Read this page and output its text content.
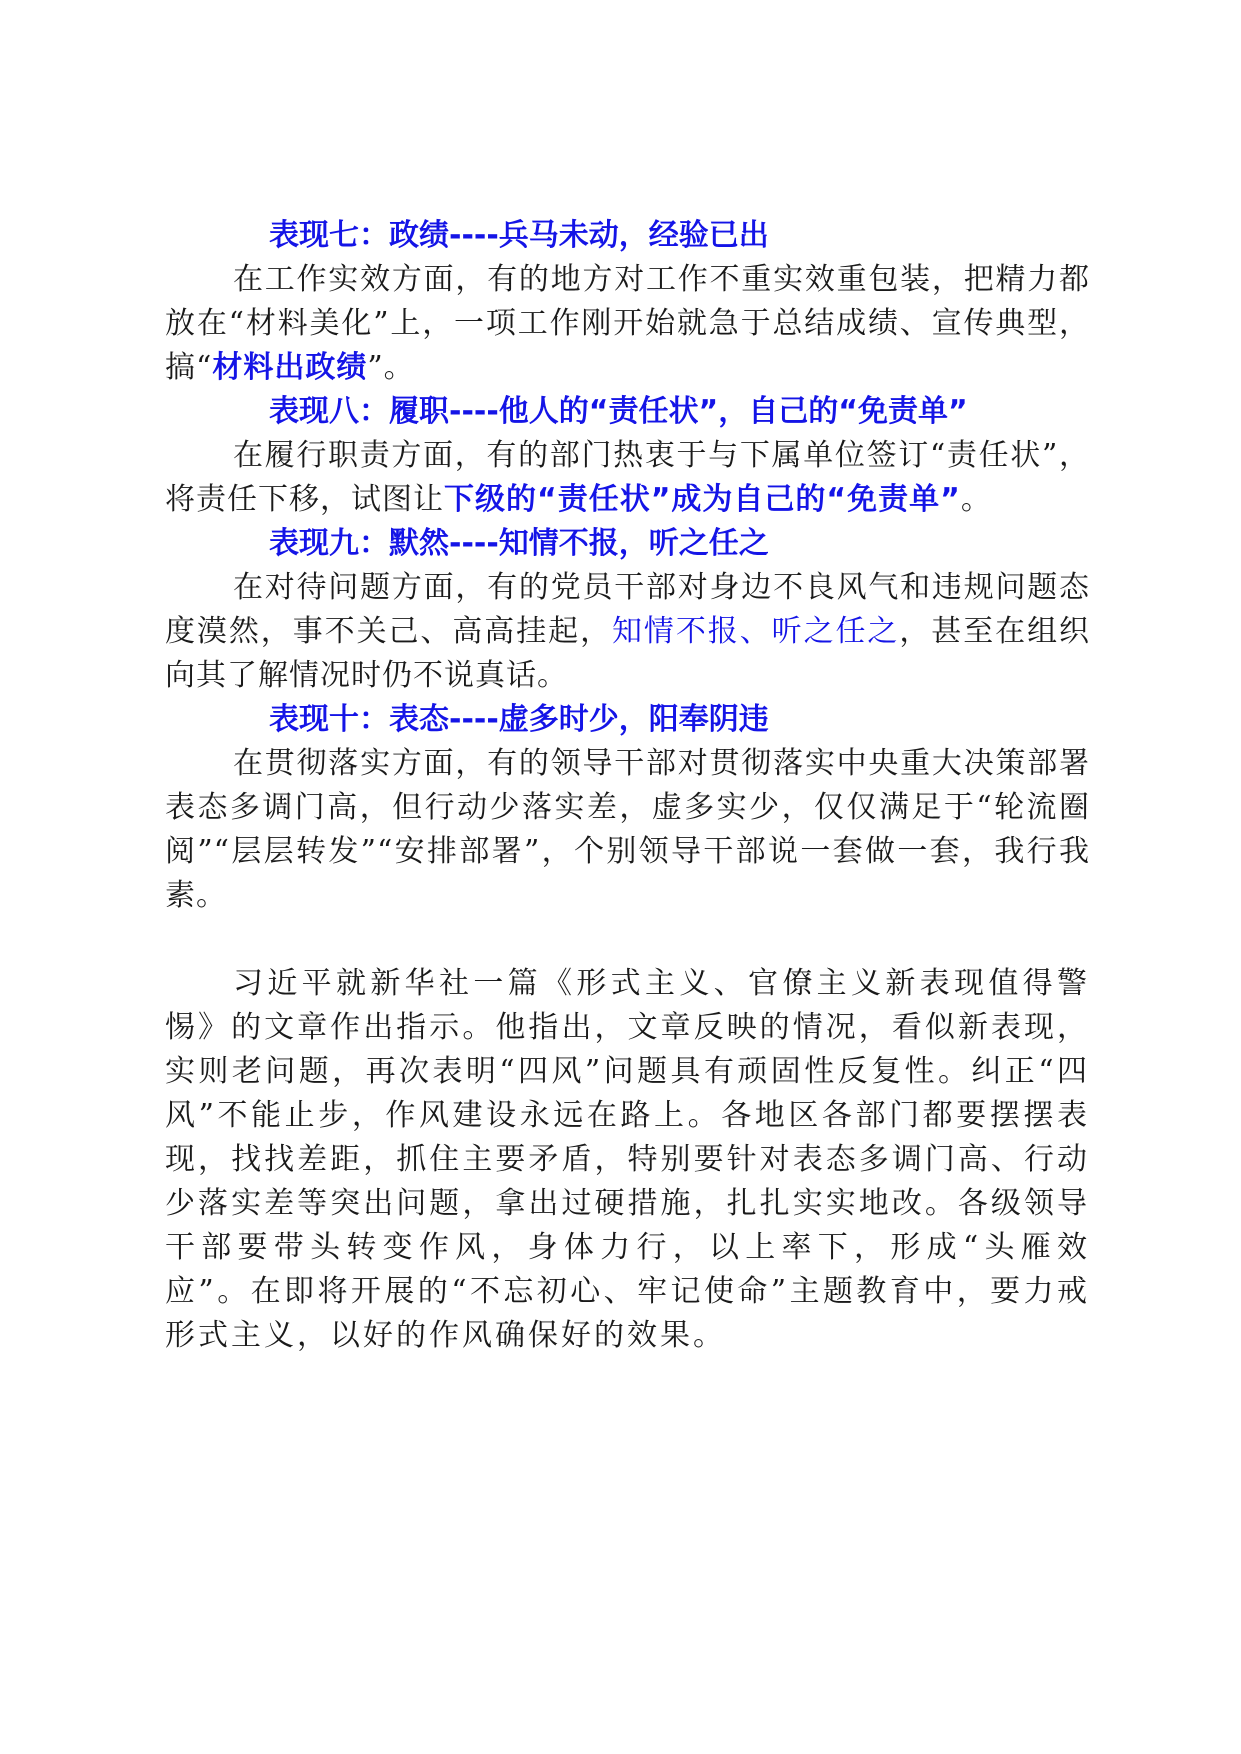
表现七：政绩----兵马未动，经验已出

在工作实效方面，有的地方对工作不重实效重包装，把精力都放在“材料美化”上，一项工作刚开始就急于总结成绩、宣传典型，搞“材料出政绩”。

表现八：履职----他人的“责任状”，自己的“免责单”

在履行职责方面，有的部门热衷于与下属单位签订“责任状”，将责任下移，试图让下级的“责任状”成为自己的“免责单”。

表现九：默然----知情不报，听之任之

在对待问题方面，有的党员干部对身边不良风气和违规问题态度漠然，事不关己、高高挂起，知情不报、听之任之，甚至在组织向其了解情况时仍不说真话。

表现十：表态----虚多时少，阳奉阴违

在贯彻落实方面，有的领导干部对贯彻落实中央重大决策部署表态多调门高，但行动少落实差，虚多实少，仅仅满足于“轮流圈阅”“层层转发”“安排部署”，个别领导干部说一套做一套，我行我素。

习近平就新华社一篇《形式主义、官僚主义新表现值得警惕》的文章作出指示。他指出，文章反映的情况，看似新表现，实则老问题，再次表明“四风”问题具有顽固性反复性。纠正“四风”不能止步，作风建设永远在路上。各地区各部门都要摆摆表现，找找差距，抓住主要矛盾，特别要针对表态多调门高、行动少落实差等突出问题，拿出过硬措施，扎扎实实地改。各级领导干部要带头转变作风，身体力行，以上率下，形成“头雁效应”。在即将开展的“不忘初心、牢记使命”主题教育中，要力戒形式主义，以好的作风确保好的效果。
